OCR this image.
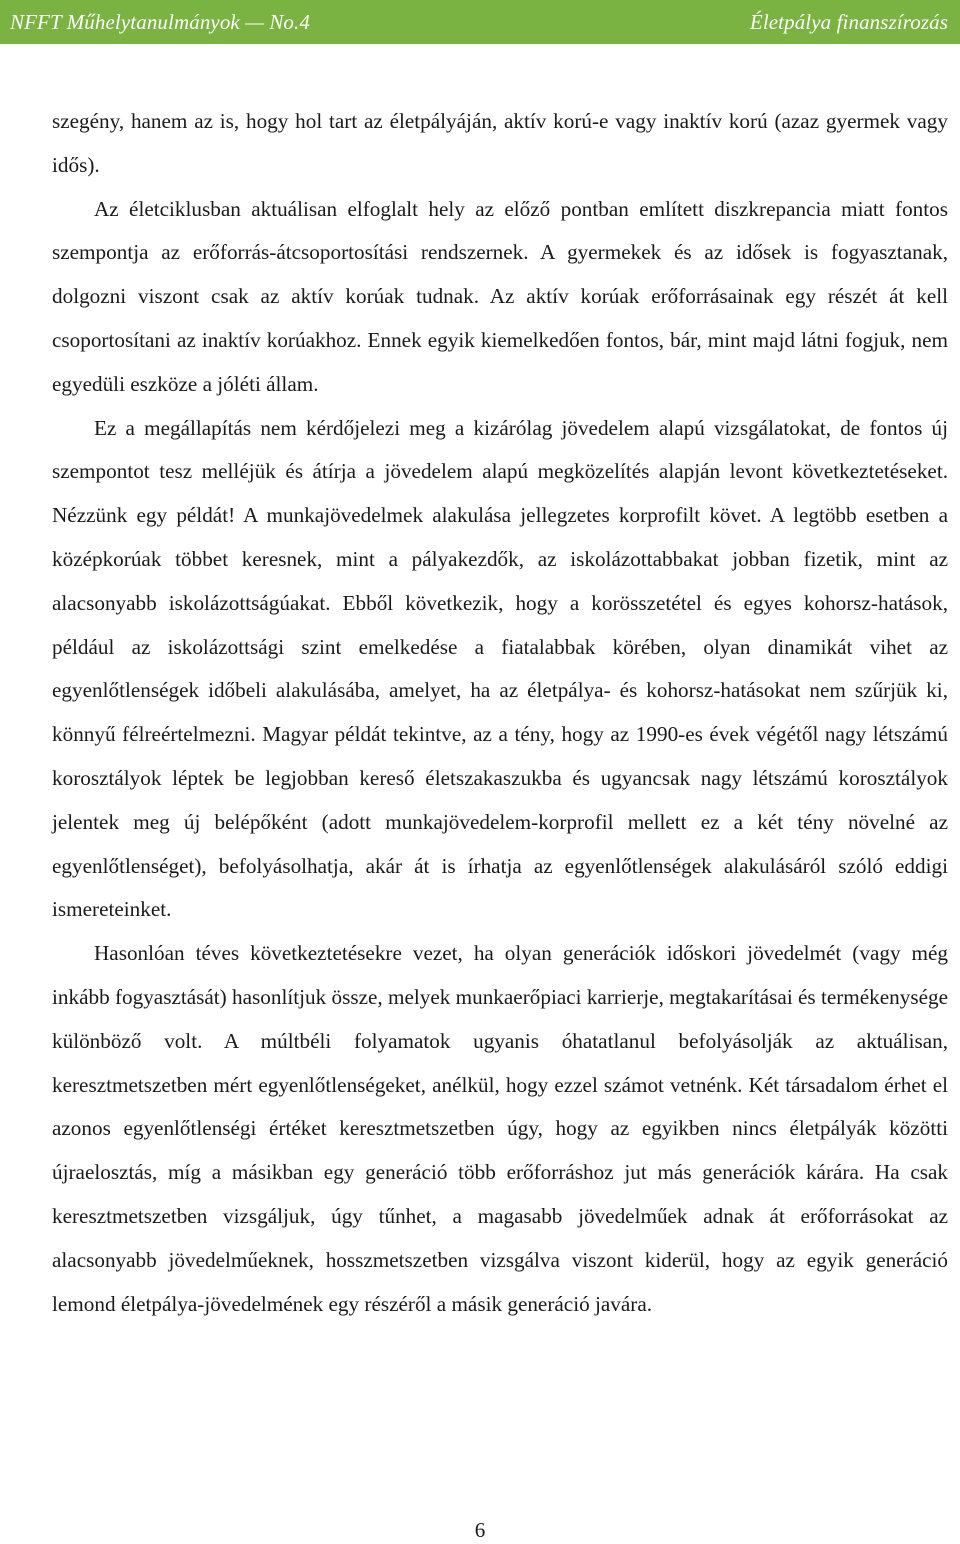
NFFT Műhelytanulmányok — No.4	Életpálya finanszírozás

szegény, hanem az is, hogy hol tart az életpályáján, aktív korú-e vagy inaktív korú (azaz gyermek vagy idős).

Az életciklusban aktuálisan elfoglalt hely az előző pontban említett diszkrepancia miatt fontos szempontja az erőforrás-átcsoportosítási rendszernek. A gyermekek és az idősek is fogyasztanak, dolgozni viszont csak az aktív korúak tudnak. Az aktív korúak erőforrásainak egy részét át kell csoportosítani az inaktív korúakhoz. Ennek egyik kiemelkedően fontos, bár, mint majd látni fogjuk, nem egyedüli eszköze a jóléti állam.

Ez a megállapítás nem kérdőjelezi meg a kizárólag jövedelem alapú vizsgálatokat, de fontos új szempontot tesz melléjük és átírja a jövedelem alapú megközelítés alapján levont következtetéseket. Nézzünk egy példát! A munkajövedelmek alakulása jellegzetes korprofilt követ. A legtöbb esetben a középkorúak többet keresnek, mint a pályakezdők, az iskolázottabbakat jobban fizetik, mint az alacsonyabb iskolázottságúakat. Ebből következik, hogy a korösszetétel és egyes kohorsz-hatások, például az iskolázottsági szint emelkedése a fiatalabbak körében, olyan dinamikát vihet az egyenlőtlenségek időbeli alakulásába, amelyet, ha az életpálya- és kohorsz-hatásokat nem szűrjük ki, könnyű félreértelmezni. Magyar példát tekintve, az a tény, hogy az 1990-es évek végétől nagy létszámú korosztályok léptek be legjobban kereső életszakaszukba és ugyancsak nagy létszámú korosztályok jelentek meg új belépőként (adott munkajövedelem-korprofil mellett ez a két tény növelné az egyenlőtlenséget), befolyásolhatja, akár át is írhatja az egyenlőtlenségek alakulásáról szóló eddigi ismereteinket.

Hasonlóan téves következtetésekre vezet, ha olyan generációk időskori jövedelmét (vagy még inkább fogyasztását) hasonlítjuk össze, melyek munkaerőpiaci karrierje, megtakarításai és termékenysége különböző volt. A múltbéli folyamatok ugyanis óhatatlanul befolyásolják az aktuálisan, keresztmetszetben mért egyenlőtlenségeket, anélkül, hogy ezzel számot vetnénk. Két társadalom érhet el azonos egyenlőtlenségi értéket keresztmetszetben úgy, hogy az egyikben nincs életpályák közötti újraelosztás, míg a másikban egy generáció több erőforráshoz jut más generációk kárára. Ha csak keresztmetszetben vizsgáljuk, úgy tűnhet, a magasabb jövedelműek adnak át erőforrásokat az alacsonyabb jövedelműeknek, hosszmetszetben vizsgálva viszont kiderül, hogy az egyik generáció lemond életpálya-jövedelmének egy részéről a másik generáció javára.

6
